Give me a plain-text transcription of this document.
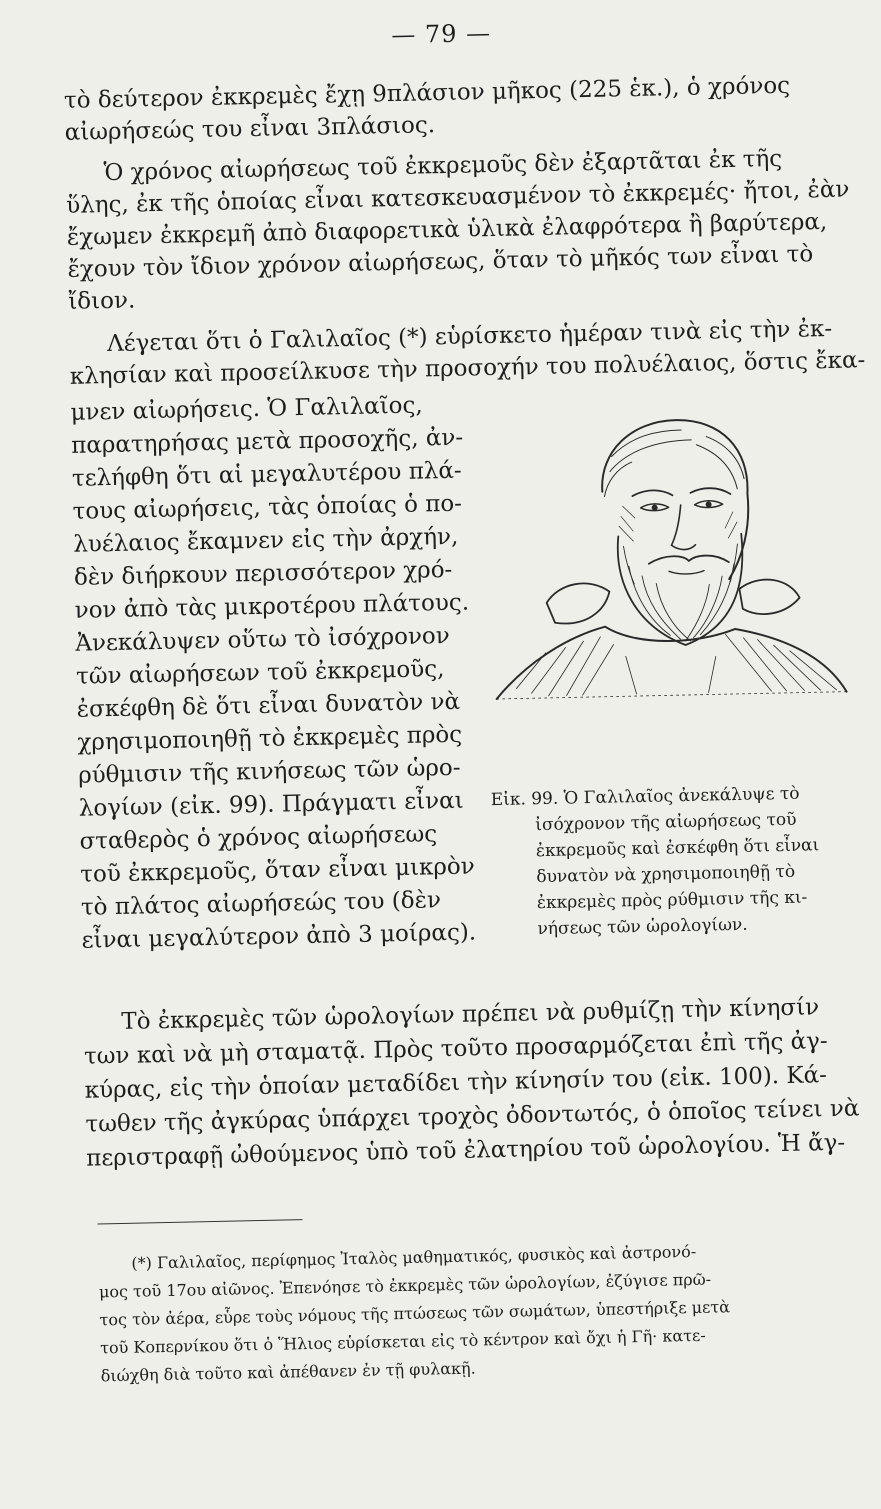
— 79 —
τὸ δεύτερον ἐκκρεμὲς ἔχῃ 9πλάσιον μῆκος (225 ἑκ.), ὁ χρόνος
αἰωρήσεώς του εἶναι 3πλάσιος.
Ὁ χρόνος αἰωρήσεως τοῦ ἐκκρεμοῦς δὲν ἐξαρτᾶται ἐκ τῆς
ὕλης, ἐκ τῆς ὁποίας εἶναι κατεσκευασμένον τὸ ἐκκρεμές· ἤτοι, ἐὰν
ἔχωμεν ἐκκρεμῆ ἀπὸ διαφορετικὰ ὑλικὰ ἐλαφρότερα ἢ βαρύτερα,
ἔχουν τὸν ἴδιον χρόνον αἰωρήσεως, ὅταν τὸ μῆκός των εἶναι τὸ
ἴδιον.
Λέγεται ὅτι ὁ Γαλιλαῖος (*) εὑρίσκετο ἡμέραν τινὰ εἰς τὴν ἐκ-
κλησίαν καὶ προσείλκυσε τὴν προσοχήν του πολυέλαιος, ὅστις ἔκα-
μνεν αἰωρήσεις. Ὁ Γαλιλαῖος,
παρατηρήσας μετὰ προσοχῆς, ἀν-
τελήφθη ὅτι αἱ μεγαλυτέρου πλά-
τους αἰωρήσεις, τὰς ὁποίας ὁ πο-
λυέλαιος ἔκαμνεν εἰς τὴν ἀρχήν,
δὲν διήρκουν περισσότερον χρό-
νον ἀπὸ τὰς μικροτέρου πλάτους.
Ἀνεκάλυψεν οὕτω τὸ ἰσόχρονον
τῶν αἰωρήσεων τοῦ ἐκκρεμοῦς,
ἐσκέφθη δὲ ὅτι εἶναι δυνατὸν νὰ
χρησιμοποιηθῇ τὸ ἐκκρεμὲς πρὸς
ρύθμισιν τῆς κινήσεως τῶν ὡρο-
λογίων (εἰκ. 99). Πράγματι εἶναι
σταθερὸς ὁ χρόνος αἰωρήσεως
τοῦ ἐκκρεμοῦς, ὅταν εἶναι μικρὸν
τὸ πλάτος αἰωρήσεώς του (δὲν
εἶναι μεγαλύτερον ἀπὸ 3 μοίρας).
Εἰκ. 99. Ὁ Γαλιλαῖος ἀνεκάλυψε τὸ
ἰσόχρονον τῆς αἰωρήσεως τοῦ
ἐκκρεμοῦς καὶ ἐσκέφθη ὅτι εἶναι
δυνατὸν νὰ χρησιμοποιηθῇ τὸ
ἐκκρεμὲς πρὸς ρύθμισιν τῆς κι-
νήσεως τῶν ὡρολογίων.
Τὸ ἐκκρεμὲς τῶν ὡρολογίων πρέπει νὰ ρυθμίζῃ τὴν κίνησίν
των καὶ νὰ μὴ σταματᾷ. Πρὸς τοῦτο προσαρμόζεται ἐπὶ τῆς ἀγ-
κύρας, εἰς τὴν ὁποίαν μεταδίδει τὴν κίνησίν του (εἰκ. 100). Κά-
τωθεν τῆς ἀγκύρας ὑπάρχει τροχὸς ὀδοντωτός, ὁ ὁποῖος τείνει νὰ
περιστραφῇ ὠθούμενος ὑπὸ τοῦ ἐλατηρίου τοῦ ὡρολογίου. Ἡ ἄγ-
(*) Γαλιλαῖος, περίφημος Ἰταλὸς μαθηματικός, φυσικὸς καὶ ἀστρονό-
μος τοῦ 17ου αἰῶνος. Ἐπενόησε τὸ ἐκκρεμὲς τῶν ὡρολογίων, ἐζύγισε πρῶ-
τος τὸν ἀέρα, εὗρε τοὺς νόμους τῆς πτώσεως τῶν σωμάτων, ὑπεστήριξε μετὰ
τοῦ Κοπερνίκου ὅτι ὁ Ἥλιος εὑρίσκεται εἰς τὸ κέντρον καὶ ὄχι ἡ Γῆ· κατε-
διώχθη διὰ τοῦτο καὶ ἀπέθανεν ἐν τῇ φυλακῇ.
